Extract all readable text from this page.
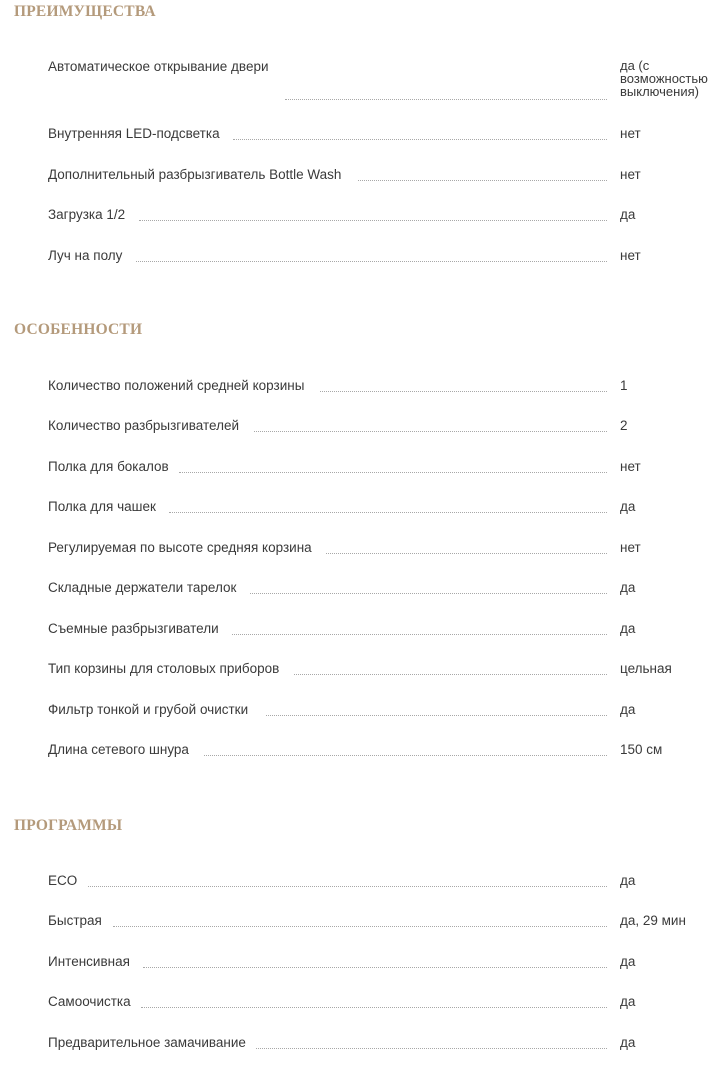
ПРЕИМУЩЕСТВА
Автоматическое открывание двери	да (с возможностью выключения)
Внутренняя LED-подсветка	нет
Дополнительный разбрызгиватель Bottle Wash	нет
Загрузка 1/2	да
Луч на полу	нет
ОСОБЕННОСТИ
Количество положений средней корзины	1
Количество разбрызгивателей	2
Полка для бокалов	нет
Полка для чашек	да
Регулируемая по высоте средняя корзина	нет
Складные держатели тарелок	да
Съемные разбрызгиватели	да
Тип корзины для столовых приборов	цельная
Фильтр тонкой и грубой очистки	да
Длина сетевого шнура	150 см
ПРОГРАММЫ
ECO	да
Быстрая	да, 29 мин
Интенсивная	да
Самоочистка	да
Предварительное замачивание	да
